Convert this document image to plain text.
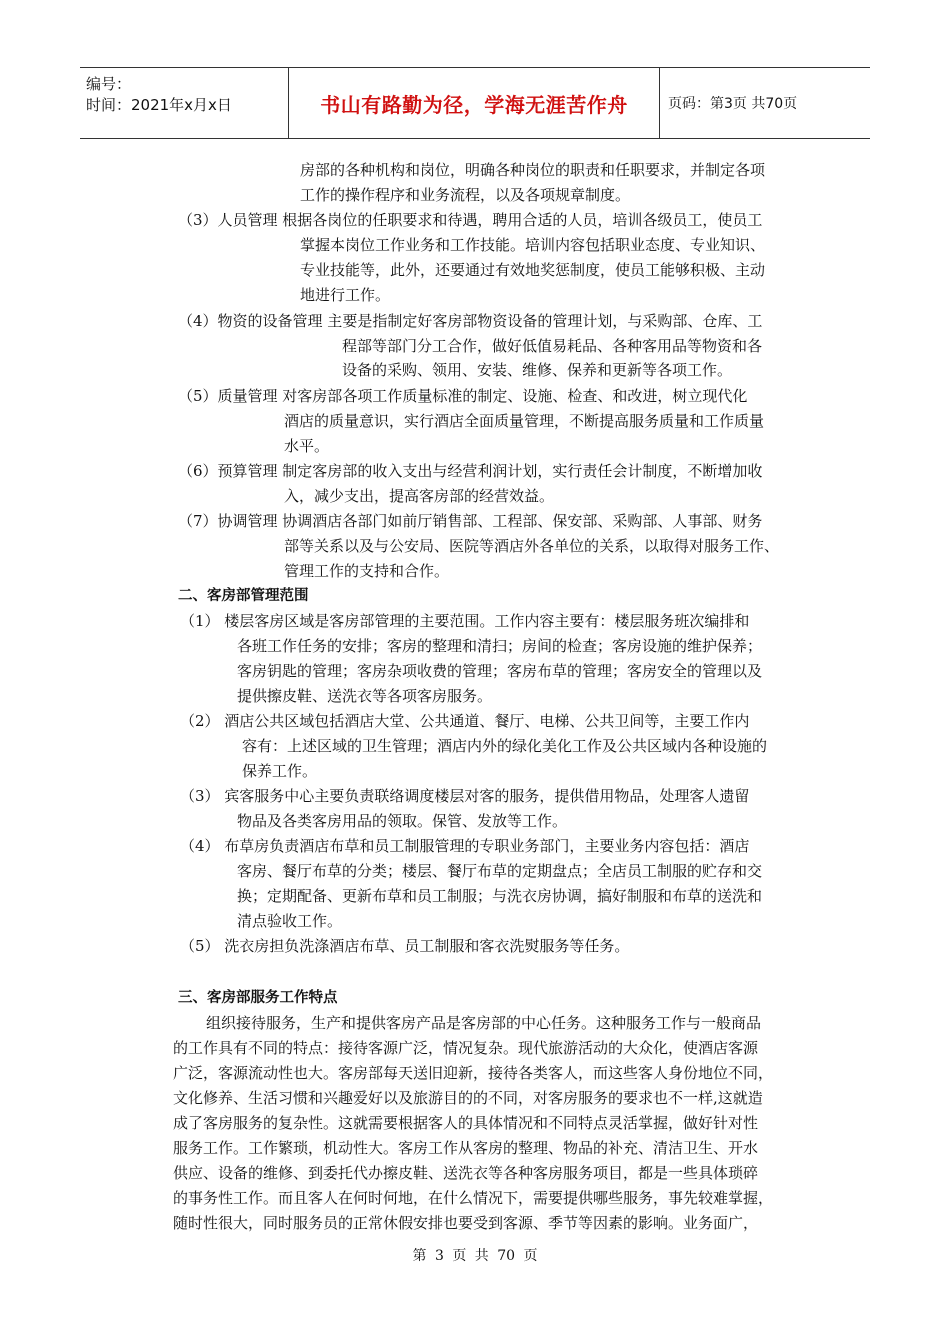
编号：
时间：2021年x月x日	书山有路勤为径，学海无涯苦作舟	页码：第3页 共70页
房部的各种机构和岗位，明确各种岗位的职责和任职要求，并制定各项
工作的操作程序和业务流程，以及各项规章制度。
（3）人员管理 根据各岗位的任职要求和待遇，聘用合适的人员，培训各级员工，使员工
掌握本岗位工作业务和工作技能。培训内容包括职业态度、专业知识、
专业技能等，此外，还要通过有效地奖惩制度，使员工能够积极、主动
地进行工作。
（4）物资的设备管理 主要是指制定好客房部物资设备的管理计划，与采购部、仓库、工
程部等部门分工合作，做好低值易耗品、各种客用品等物资和各
设备的采购、领用、安装、维修、保养和更新等各项工作。
（5）质量管理 对客房部各项工作质量标准的制定、设施、检查、和改进，树立现代化
酒店的质量意识，实行酒店全面质量管理，不断提高服务质量和工作质量
水平。
（6）预算管理 制定客房部的收入支出与经营利润计划，实行责任会计制度，不断增加收
入，减少支出，提高客房部的经营效益。
（7）协调管理 协调酒店各部门如前厅销售部、工程部、保安部、采购部、人事部、财务
部等关系以及与公安局、医院等酒店外各单位的关系，以取得对服务工作、
管理工作的支持和合作。
二、客房部管理范围
（1） 楼层客房区域是客房部管理的主要范围。工作内容主要有：楼层服务班次编排和
各班工作任务的安排；客房的整理和清扫；房间的检查；客房设施的维护保养；
客房钥匙的管理；客房杂项收费的管理；客房布草的管理；客房安全的管理以及
提供擦皮鞋、送洗衣等各项客房服务。
（2） 酒店公共区域包括酒店大堂、公共通道、餐厅、电梯、公共卫间等，主要工作内
容有：上述区域的卫生管理；酒店内外的绿化美化工作及公共区域内各种设施的
保养工作。
（3） 宾客服务中心主要负责联络调度楼层对客的服务，提供借用物品，处理客人遗留
物品及各类客房用品的领取。保管、发放等工作。
（4） 布草房负责酒店布草和员工制服管理的专职业务部门，主要业务内容包括：酒店
客房、餐厅布草的分类；楼层、餐厅布草的定期盘点；全店员工制服的贮存和交
换；定期配备、更新布草和员工制服；与洗衣房协调，搞好制服和布草的送洗和
清点验收工作。
（5） 洗衣房担负洗涤酒店布草、员工制服和客衣洗熨服务等任务。
三、客房部服务工作特点
组织接待服务，生产和提供客房产品是客房部的中心任务。这种服务工作与一般商品
的工作具有不同的特点：接待客源广泛，情况复杂。现代旅游活动的大众化，使酒店客源
广泛，客源流动性也大。客房部每天送旧迎新，接待各类客人，而这些客人身份地位不同，
文化修养、生活习惯和兴趣爱好以及旅游目的的不同，对客房服务的要求也不一样,这就造
成了客房服务的复杂性。这就需要根据客人的具体情况和不同特点灵活掌握，做好针对性
服务工作。工作繁琐，机动性大。客房工作从客房的整理、物品的补充、清洁卫生、开水
供应、设备的维修、到委托代办擦皮鞋、送洗衣等各种客房服务项目，都是一些具体琐碎
的事务性工作。而且客人在何时何地，在什么情况下，需要提供哪些服务，事先较难掌握，
随时性很大，同时服务员的正常休假安排也要受到客源、季节等因素的影响。业务面广，
第 3 页 共 70 页
